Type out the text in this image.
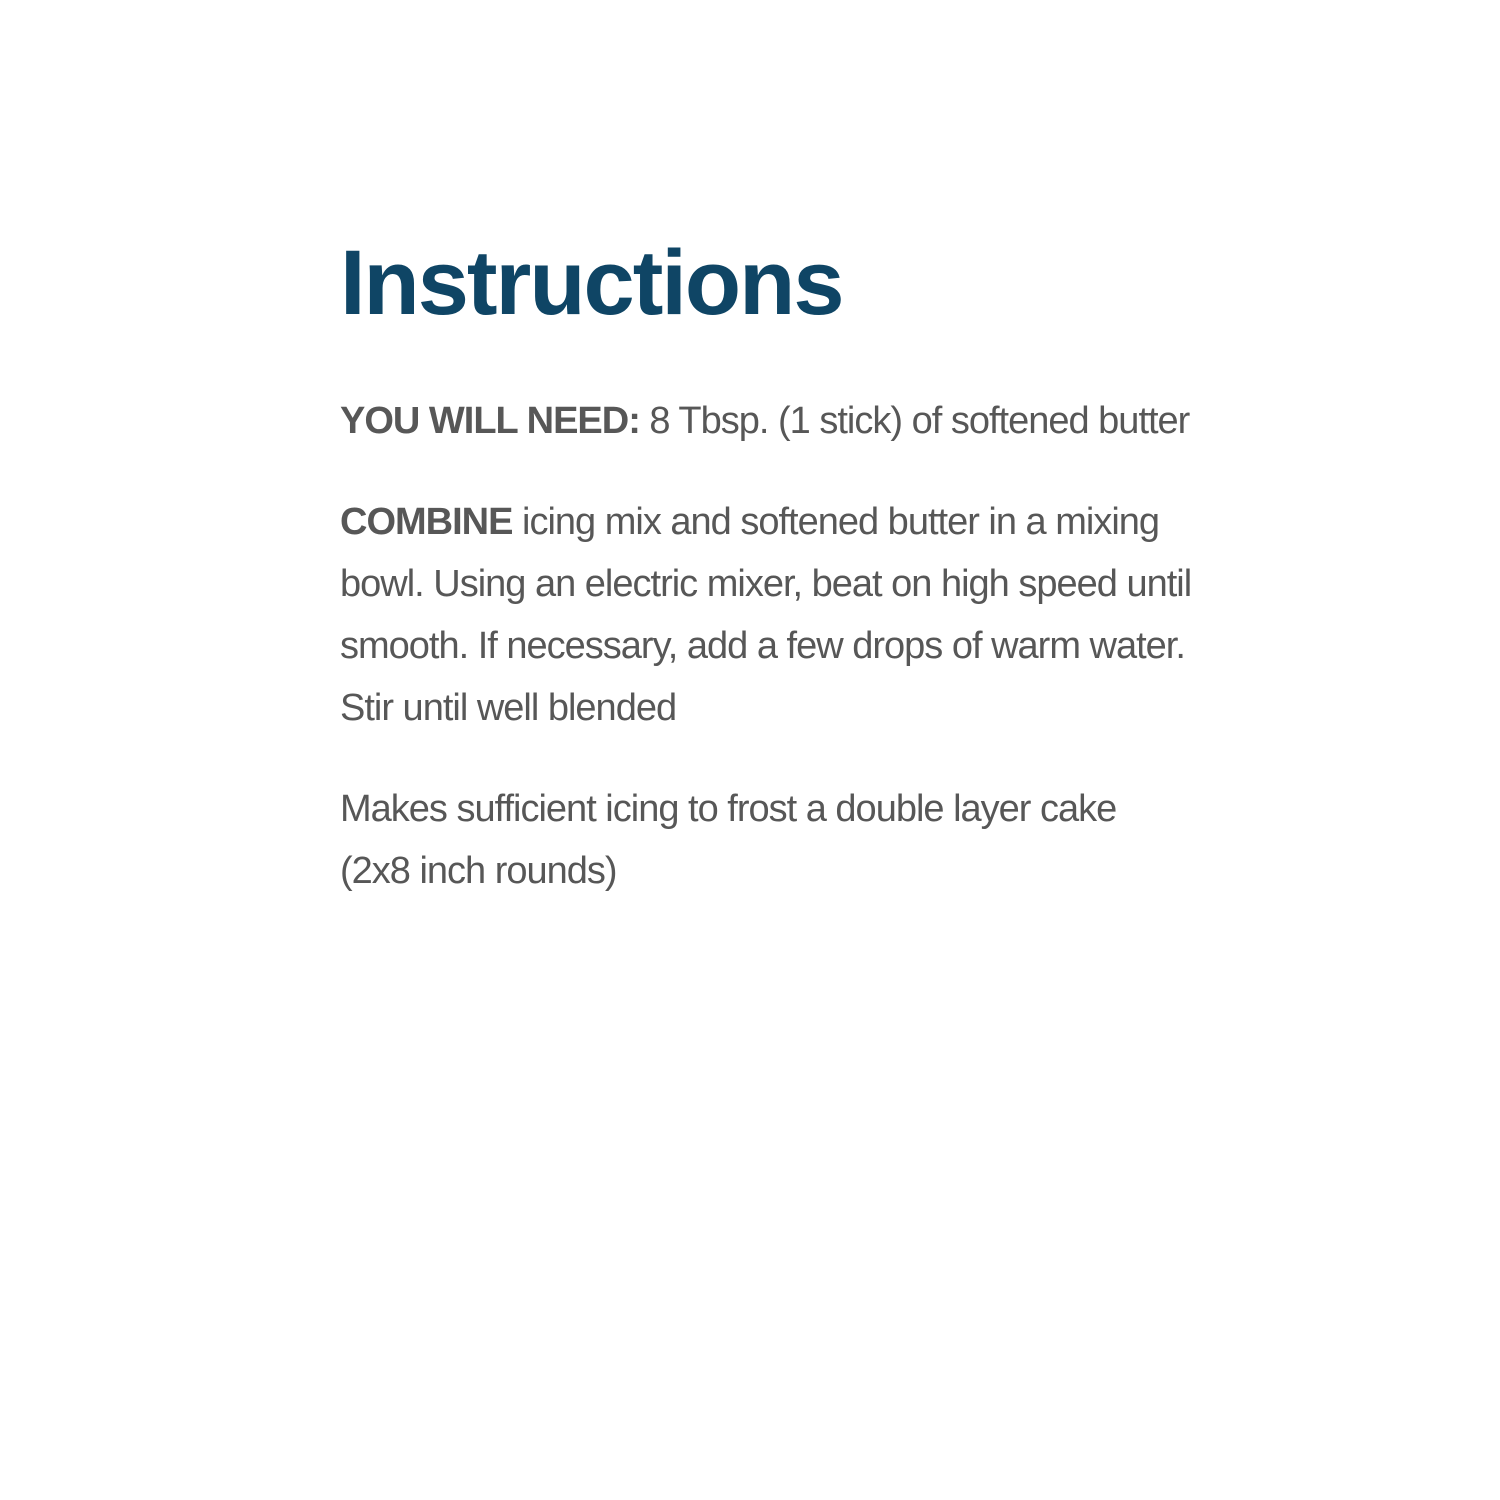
Instructions

YOU WILL NEED: 8 Tbsp. (1 stick) of softened butter

COMBINE icing mix and softened butter in a mixing bowl. Using an electric mixer, beat on high speed until smooth. If necessary, add a few drops of warm water. Stir until well blended

Makes sufficient icing to frost a double layer cake
(2x8 inch rounds)
